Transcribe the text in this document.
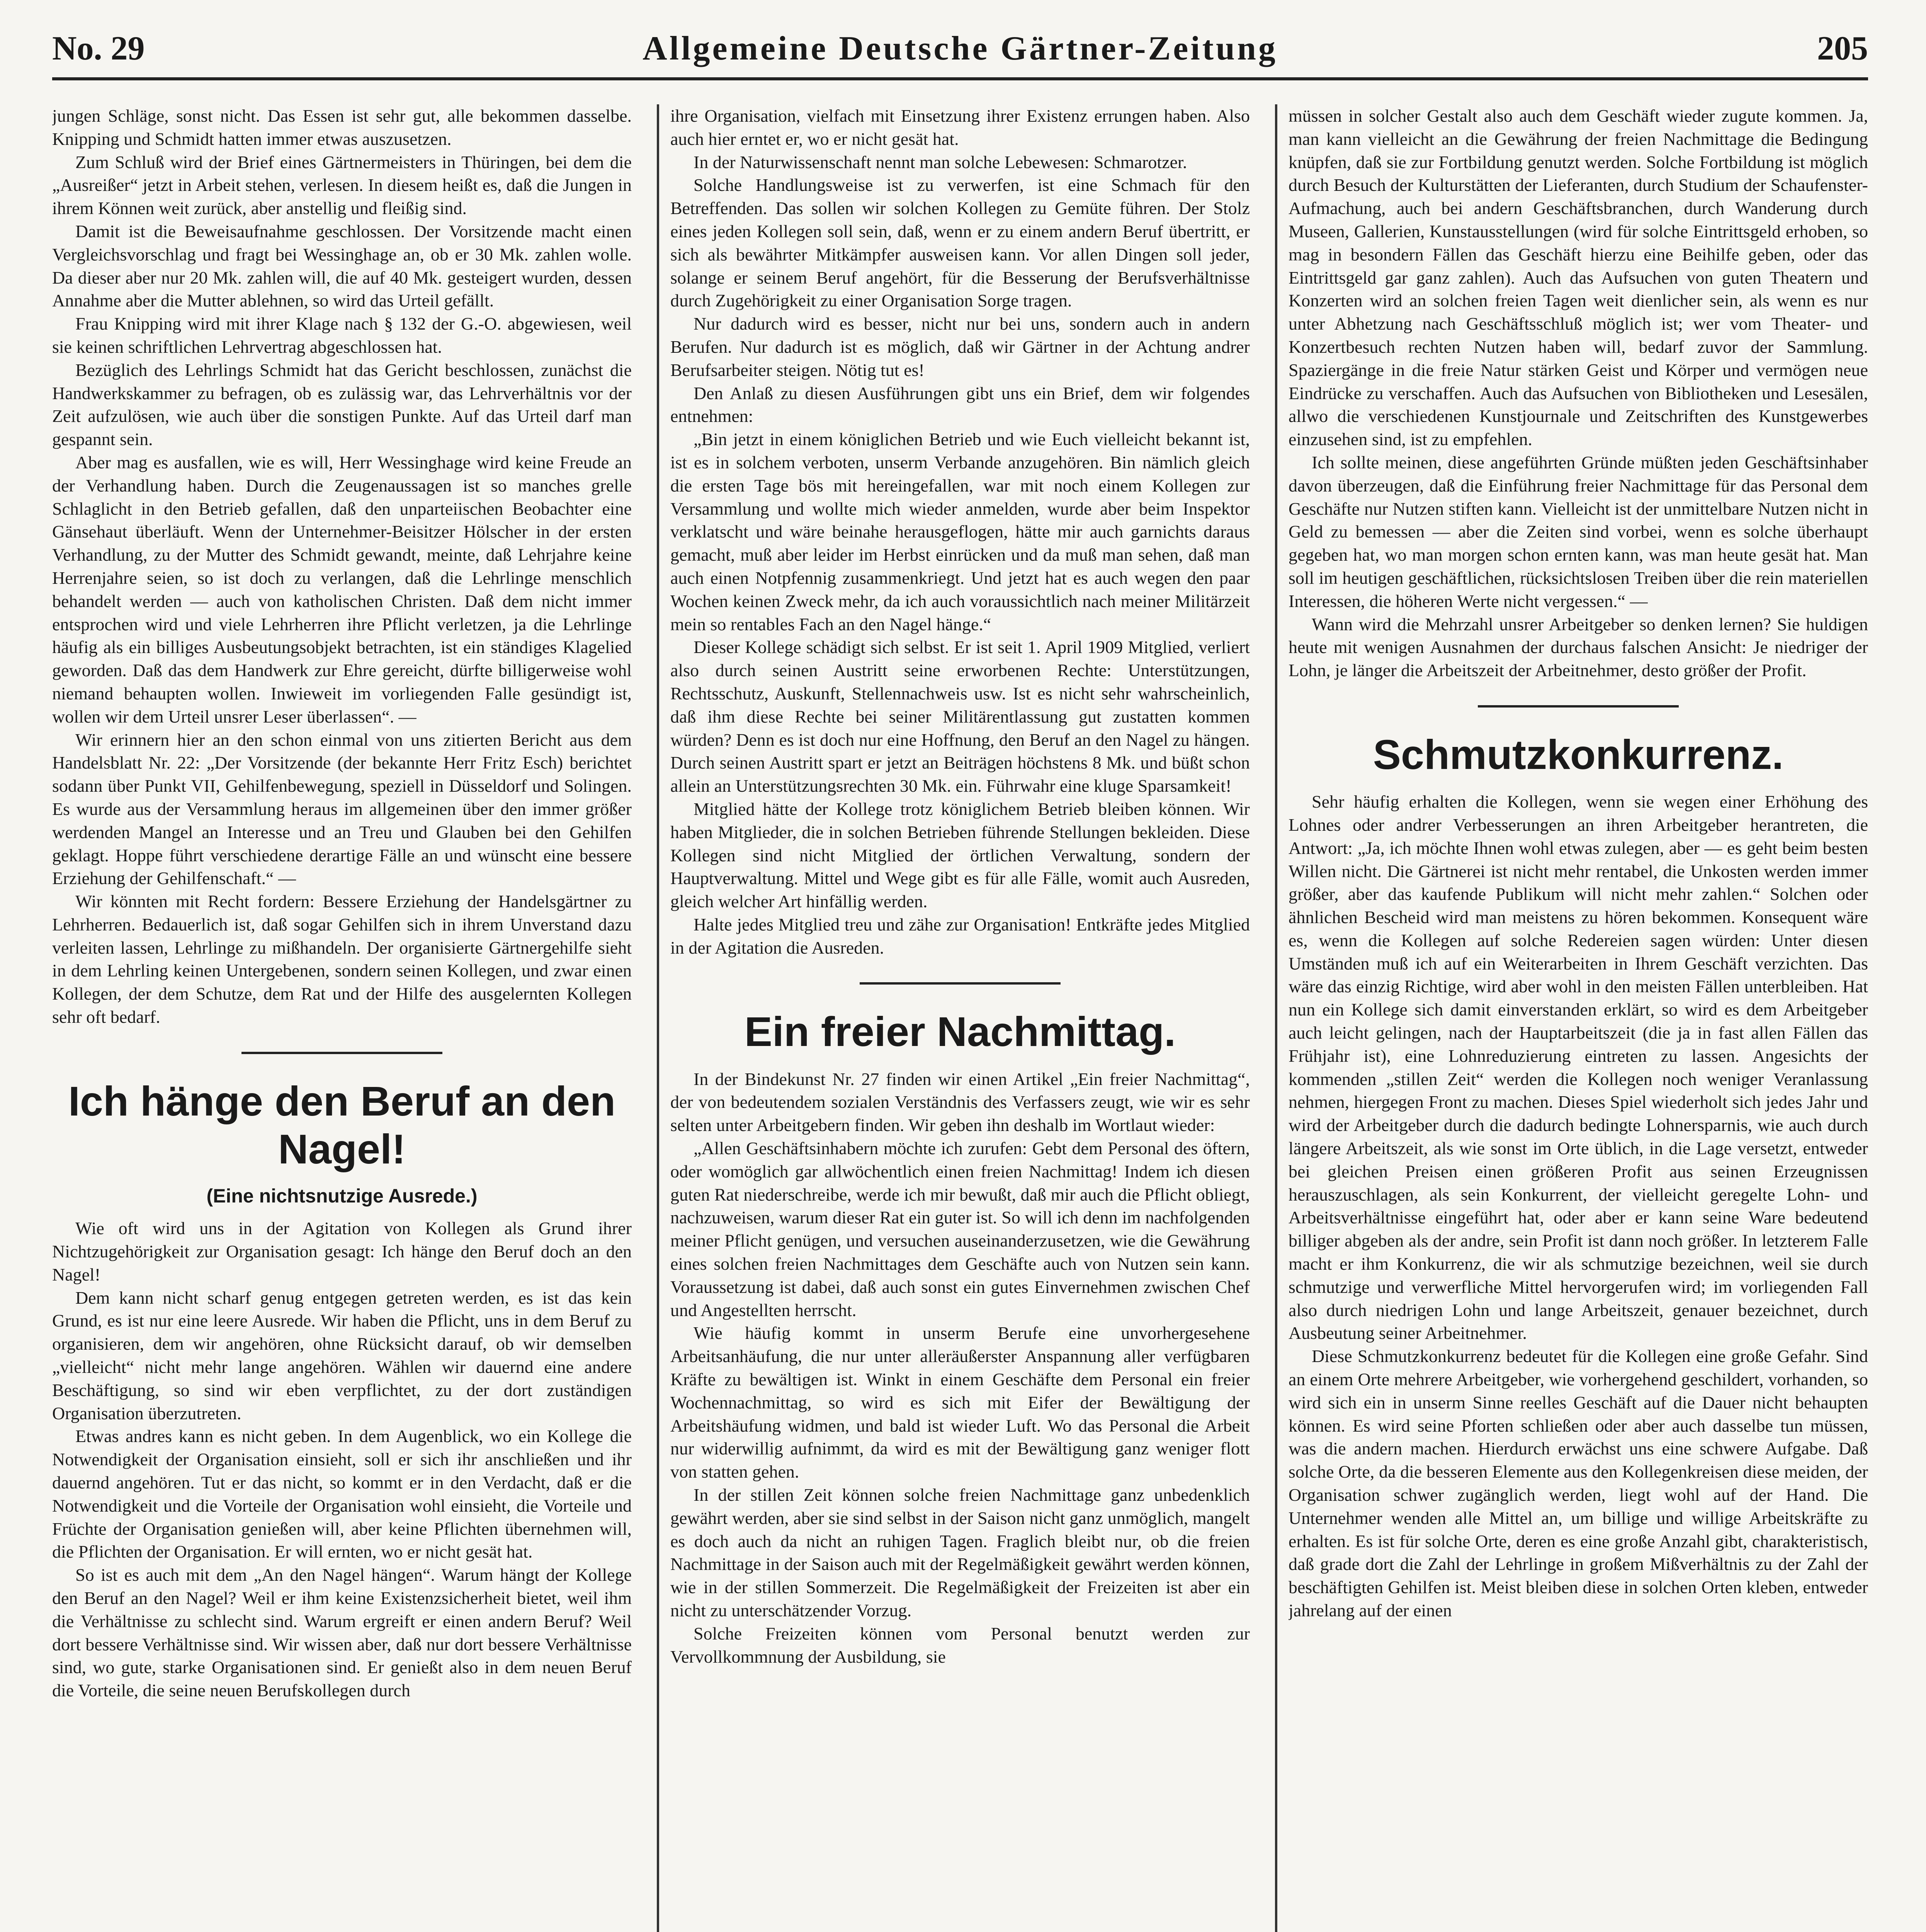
No. 29	Allgemeine Deutsche Gärtner-Zeitung	205

jungen Schläge, sonst nicht. Das Essen ist sehr gut, alle bekommen dasselbe. Knipping und Schmidt hatten immer etwas auszusetzen.

Zum Schluß wird der Brief eines Gärtnermeisters in Thüringen, bei dem die „Ausreißer“ jetzt in Arbeit stehen, verlesen. In diesem heißt es, daß die Jungen in ihrem Können weit zurück, aber anstellig und fleißig sind.

Damit ist die Beweisaufnahme geschlossen. Der Vorsitzende macht einen Vergleichsvorschlag und fragt bei Wessinghage an, ob er 30 Mk. zahlen wolle. Da dieser aber nur 20 Mk. zahlen will, die auf 40 Mk. gesteigert wurden, dessen Annahme aber die Mutter ablehnen, so wird das Urteil gefällt.

Frau Knipping wird mit ihrer Klage nach § 132 der G.-O. abgewiesen, weil sie keinen schriftlichen Lehrvertrag abgeschlossen hat.

Bezüglich des Lehrlings Schmidt hat das Gericht beschlossen, zunächst die Handwerkskammer zu befragen, ob es zulässig war, das Lehrverhältnis vor der Zeit aufzulösen, wie auch über die sonstigen Punkte. Auf das Urteil darf man gespannt sein.

Aber mag es ausfallen, wie es will, Herr Wessinghage wird keine Freude an der Verhandlung haben. Durch die Zeugenaussagen ist so manches grelle Schlaglicht in den Betrieb gefallen, daß den unparteiischen Beobachter eine Gänsehaut überläuft. Wenn der Unternehmer-Beisitzer Hölscher in der ersten Verhandlung, zu der Mutter des Schmidt gewandt, meinte, daß Lehrjahre keine Herrenjahre seien, so ist doch zu verlangen, daß die Lehrlinge menschlich behandelt werden — auch von katholischen Christen. Daß dem nicht immer entsprochen wird und viele Lehrherren ihre Pflicht verletzen, ja die Lehrlinge häufig als ein billiges Ausbeutungsobjekt betrachten, ist ein ständiges Klagelied geworden. Daß das dem Handwerk zur Ehre gereicht, dürfte billigerweise wohl niemand behaupten wollen. Inwieweit im vorliegenden Falle gesündigt ist, wollen wir dem Urteil unsrer Leser überlassen“. —

Wir erinnern hier an den schon einmal von uns zitierten Bericht aus dem Handelsblatt Nr. 22: „Der Vorsitzende (der bekannte Herr Fritz Esch) berichtet sodann über Punkt VII, Gehilfenbewegung, speziell in Düsseldorf und Solingen. Es wurde aus der Versammlung heraus im allgemeinen über den immer größer werdenden Mangel an Interesse und an Treu und Glauben bei den Gehilfen geklagt. Hoppe führt verschiedene derartige Fälle an und wünscht eine bessere Erziehung der Gehilfenschaft.“ —

Wir könnten mit Recht fordern: Bessere Erziehung der Handelsgärtner zu Lehrherren. Bedauerlich ist, daß sogar Gehilfen sich in ihrem Unverstand dazu verleiten lassen, Lehrlinge zu mißhandeln. Der organisierte Gärtnergehilfe sieht in dem Lehrling keinen Untergebenen, sondern seinen Kollegen, und zwar einen Kollegen, der dem Schutze, dem Rat und der Hilfe des ausgelernten Kollegen sehr oft bedarf.

Ich hänge den Beruf an den Nagel!
(Eine nichtsnutzige Ausrede.)

Wie oft wird uns in der Agitation von Kollegen als Grund ihrer Nichtzugehörigkeit zur Organisation gesagt: Ich hänge den Beruf doch an den Nagel!

Dem kann nicht scharf genug entgegen getreten werden, es ist das kein Grund, es ist nur eine leere Ausrede. Wir haben die Pflicht, uns in dem Beruf zu organisieren, dem wir angehören, ohne Rücksicht darauf, ob wir demselben „vielleicht“ nicht mehr lange angehören. Wählen wir dauernd eine andere Beschäftigung, so sind wir eben verpflichtet, zu der dort zuständigen Organisation überzutreten.

Etwas andres kann es nicht geben. In dem Augenblick, wo ein Kollege die Notwendigkeit der Organisation einsieht, soll er sich ihr anschließen und ihr dauernd angehören. Tut er das nicht, so kommt er in den Verdacht, daß er die Notwendigkeit und die Vorteile der Organisation wohl einsieht, die Vorteile und Früchte der Organisation genießen will, aber keine Pflichten übernehmen will, die Pflichten der Organisation. Er will ernten, wo er nicht gesät hat.

So ist es auch mit dem „An den Nagel hängen“. Warum hängt der Kollege den Beruf an den Nagel? Weil er ihm keine Existenzsicherheit bietet, weil ihm die Verhältnisse zu schlecht sind. Warum ergreift er einen andern Beruf? Weil dort bessere Verhältnisse sind. Wir wissen aber, daß nur dort bessere Verhältnisse sind, wo gute, starke Organisationen sind. Er genießt also in dem neuen Beruf die Vorteile, die seine neuen Berufskollegen durch

ihre Organisation, vielfach mit Einsetzung ihrer Existenz errungen haben. Also auch hier erntet er, wo er nicht gesät hat.

In der Naturwissenschaft nennt man solche Lebewesen: Schmarotzer.

Solche Handlungsweise ist zu verwerfen, ist eine Schmach für den Betreffenden. Das sollen wir solchen Kollegen zu Gemüte führen. Der Stolz eines jeden Kollegen soll sein, daß, wenn er zu einem andern Beruf übertritt, er sich als bewährter Mitkämpfer ausweisen kann. Vor allen Dingen soll jeder, solange er seinem Beruf angehört, für die Besserung der Berufsverhältnisse durch Zugehörigkeit zu einer Organisation Sorge tragen.

Nur dadurch wird es besser, nicht nur bei uns, sondern auch in andern Berufen. Nur dadurch ist es möglich, daß wir Gärtner in der Achtung andrer Berufsarbeiter steigen. Nötig tut es!

Den Anlaß zu diesen Ausführungen gibt uns ein Brief, dem wir folgendes entnehmen:

„Bin jetzt in einem königlichen Betrieb und wie Euch vielleicht bekannt ist, ist es in solchem verboten, unserm Verbande anzugehören. Bin nämlich gleich die ersten Tage bös mit hereingefallen, war mit noch einem Kollegen zur Versammlung und wollte mich wieder anmelden, wurde aber beim Inspektor verklatscht und wäre beinahe herausgeflogen, hätte mir auch garnichts daraus gemacht, muß aber leider im Herbst einrücken und da muß man sehen, daß man auch einen Notpfennig zusammenkriegt. Und jetzt hat es auch wegen den paar Wochen keinen Zweck mehr, da ich auch voraussichtlich nach meiner Militärzeit mein so rentables Fach an den Nagel hänge.“

Dieser Kollege schädigt sich selbst. Er ist seit 1. April 1909 Mitglied, verliert also durch seinen Austritt seine erworbenen Rechte: Unterstützungen, Rechtsschutz, Auskunft, Stellennachweis usw. Ist es nicht sehr wahrscheinlich, daß ihm diese Rechte bei seiner Militärentlassung gut zustatten kommen würden? Denn es ist doch nur eine Hoffnung, den Beruf an den Nagel zu hängen. Durch seinen Austritt spart er jetzt an Beiträgen höchstens 8 Mk. und büßt schon allein an Unterstützungsrechten 30 Mk. ein. Führwahr eine kluge Sparsamkeit!

Mitglied hätte der Kollege trotz königlichem Betrieb bleiben können. Wir haben Mitglieder, die in solchen Betrieben führende Stellungen bekleiden. Diese Kollegen sind nicht Mitglied der örtlichen Verwaltung, sondern der Hauptverwaltung. Mittel und Wege gibt es für alle Fälle, womit auch Ausreden, gleich welcher Art hinfällig werden.

Halte jedes Mitglied treu und zähe zur Organisation! Entkräfte jedes Mitglied in der Agitation die Ausreden.

Ein freier Nachmittag.

In der Bindekunst Nr. 27 finden wir einen Artikel „Ein freier Nachmittag“, der von bedeutendem sozialen Verständnis des Verfassers zeugt, wie wir es sehr selten unter Arbeitgebern finden. Wir geben ihn deshalb im Wortlaut wieder:

„Allen Geschäftsinhabern möchte ich zurufen: Gebt dem Personal des öftern, oder womöglich gar allwöchentlich einen freien Nachmittag! Indem ich diesen guten Rat niederschreibe, werde ich mir bewußt, daß mir auch die Pflicht obliegt, nachzuweisen, warum dieser Rat ein guter ist. So will ich denn im nachfolgenden meiner Pflicht genügen, und versuchen auseinanderzusetzen, wie die Gewährung eines solchen freien Nachmittages dem Geschäfte auch von Nutzen sein kann. Voraussetzung ist dabei, daß auch sonst ein gutes Einvernehmen zwischen Chef und Angestellten herrscht.

Wie häufig kommt in unserm Berufe eine unvorhergesehene Arbeitsanhäufung, die nur unter alleräußerster Anspannung aller verfügbaren Kräfte zu bewältigen ist. Winkt in einem Geschäfte dem Personal ein freier Wochennachmittag, so wird es sich mit Eifer der Bewältigung der Arbeitshäufung widmen, und bald ist wieder Luft. Wo das Personal die Arbeit nur widerwillig aufnimmt, da wird es mit der Bewältigung ganz weniger flott von statten gehen.

In der stillen Zeit können solche freien Nachmittage ganz unbedenklich gewährt werden, aber sie sind selbst in der Saison nicht ganz unmöglich, mangelt es doch auch da nicht an ruhigen Tagen. Fraglich bleibt nur, ob die freien Nachmittage in der Saison auch mit der Regelmäßigkeit gewährt werden können, wie in der stillen Sommerzeit. Die Regelmäßigkeit der Freizeiten ist aber ein nicht zu unterschätzender Vorzug.

Solche Freizeiten können vom Personal benutzt werden zur Vervollkommnung der Ausbildung, sie

müssen in solcher Gestalt also auch dem Geschäft wieder zugute kommen. Ja, man kann vielleicht an die Gewährung der freien Nachmittage die Bedingung knüpfen, daß sie zur Fortbildung genutzt werden. Solche Fortbildung ist möglich durch Besuch der Kulturstätten der Lieferanten, durch Studium der Schaufenster-Aufmachung, auch bei andern Geschäftsbranchen, durch Wanderung durch Museen, Gallerien, Kunstausstellungen (wird für solche Eintrittsgeld erhoben, so mag in besondern Fällen das Geschäft hierzu eine Beihilfe geben, oder das Eintrittsgeld gar ganz zahlen). Auch das Aufsuchen von guten Theatern und Konzerten wird an solchen freien Tagen weit dienlicher sein, als wenn es nur unter Abhetzung nach Geschäftsschluß möglich ist; wer vom Theater- und Konzertbesuch rechten Nutzen haben will, bedarf zuvor der Sammlung. Spaziergänge in die freie Natur stärken Geist und Körper und vermögen neue Eindrücke zu verschaffen. Auch das Aufsuchen von Bibliotheken und Lesesälen, allwo die verschiedenen Kunstjournale und Zeitschriften des Kunstgewerbes einzusehen sind, ist zu empfehlen.

Ich sollte meinen, diese angeführten Gründe müßten jeden Geschäftsinhaber davon überzeugen, daß die Einführung freier Nachmittage für das Personal dem Geschäfte nur Nutzen stiften kann. Vielleicht ist der unmittelbare Nutzen nicht in Geld zu bemessen — aber die Zeiten sind vorbei, wenn es solche überhaupt gegeben hat, wo man morgen schon ernten kann, was man heute gesät hat. Man soll im heutigen geschäftlichen, rücksichtslosen Treiben über die rein materiellen Interessen, die höheren Werte nicht vergessen.“ —

Wann wird die Mehrzahl unsrer Arbeitgeber so denken lernen? Sie huldigen heute mit wenigen Ausnahmen der durchaus falschen Ansicht: Je niedriger der Lohn, je länger die Arbeitszeit der Arbeitnehmer, desto größer der Profit.

Schmutzkonkurrenz.

Sehr häufig erhalten die Kollegen, wenn sie wegen einer Erhöhung des Lohnes oder andrer Verbesserungen an ihren Arbeitgeber herantreten, die Antwort: „Ja, ich möchte Ihnen wohl etwas zulegen, aber — es geht beim besten Willen nicht. Die Gärtnerei ist nicht mehr rentabel, die Unkosten werden immer größer, aber das kaufende Publikum will nicht mehr zahlen.“ Solchen oder ähnlichen Bescheid wird man meistens zu hören bekommen. Konsequent wäre es, wenn die Kollegen auf solche Redereien sagen würden: Unter diesen Umständen muß ich auf ein Weiterarbeiten in Ihrem Geschäft verzichten. Das wäre das einzig Richtige, wird aber wohl in den meisten Fällen unterbleiben. Hat nun ein Kollege sich damit einverstanden erklärt, so wird es dem Arbeitgeber auch leicht gelingen, nach der Hauptarbeitszeit (die ja in fast allen Fällen das Frühjahr ist), eine Lohnreduzierung eintreten zu lassen. Angesichts der kommenden „stillen Zeit“ werden die Kollegen noch weniger Veranlassung nehmen, hiergegen Front zu machen. Dieses Spiel wiederholt sich jedes Jahr und wird der Arbeitgeber durch die dadurch bedingte Lohnersparnis, wie auch durch längere Arbeitszeit, als wie sonst im Orte üblich, in die Lage versetzt, entweder bei gleichen Preisen einen größeren Profit aus seinen Erzeugnissen herauszuschlagen, als sein Konkurrent, der vielleicht geregelte Lohn- und Arbeitsverhältnisse eingeführt hat, oder aber er kann seine Ware bedeutend billiger abgeben als der andre, sein Profit ist dann noch größer. In letzterem Falle macht er ihm Konkurrenz, die wir als schmutzige bezeichnen, weil sie durch schmutzige und verwerfliche Mittel hervorgerufen wird; im vorliegenden Fall also durch niedrigen Lohn und lange Arbeitszeit, genauer bezeichnet, durch Ausbeutung seiner Arbeitnehmer.

Diese Schmutzkonkurrenz bedeutet für die Kollegen eine große Gefahr. Sind an einem Orte mehrere Arbeitgeber, wie vorhergehend geschildert, vorhanden, so wird sich ein in unserm Sinne reelles Geschäft auf die Dauer nicht behaupten können. Es wird seine Pforten schließen oder aber auch dasselbe tun müssen, was die andern machen. Hierdurch erwächst uns eine schwere Aufgabe. Daß solche Orte, da die besseren Elemente aus den Kollegenkreisen diese meiden, der Organisation schwer zugänglich werden, liegt wohl auf der Hand. Die Unternehmer wenden alle Mittel an, um billige und willige Arbeitskräfte zu erhalten. Es ist für solche Orte, deren es eine große Anzahl gibt, charakteristisch, daß grade dort die Zahl der Lehrlinge in großem Mißverhältnis zu der Zahl der beschäftigten Gehilfen ist. Meist bleiben diese in solchen Orten kleben, entweder jahrelang auf der einen
